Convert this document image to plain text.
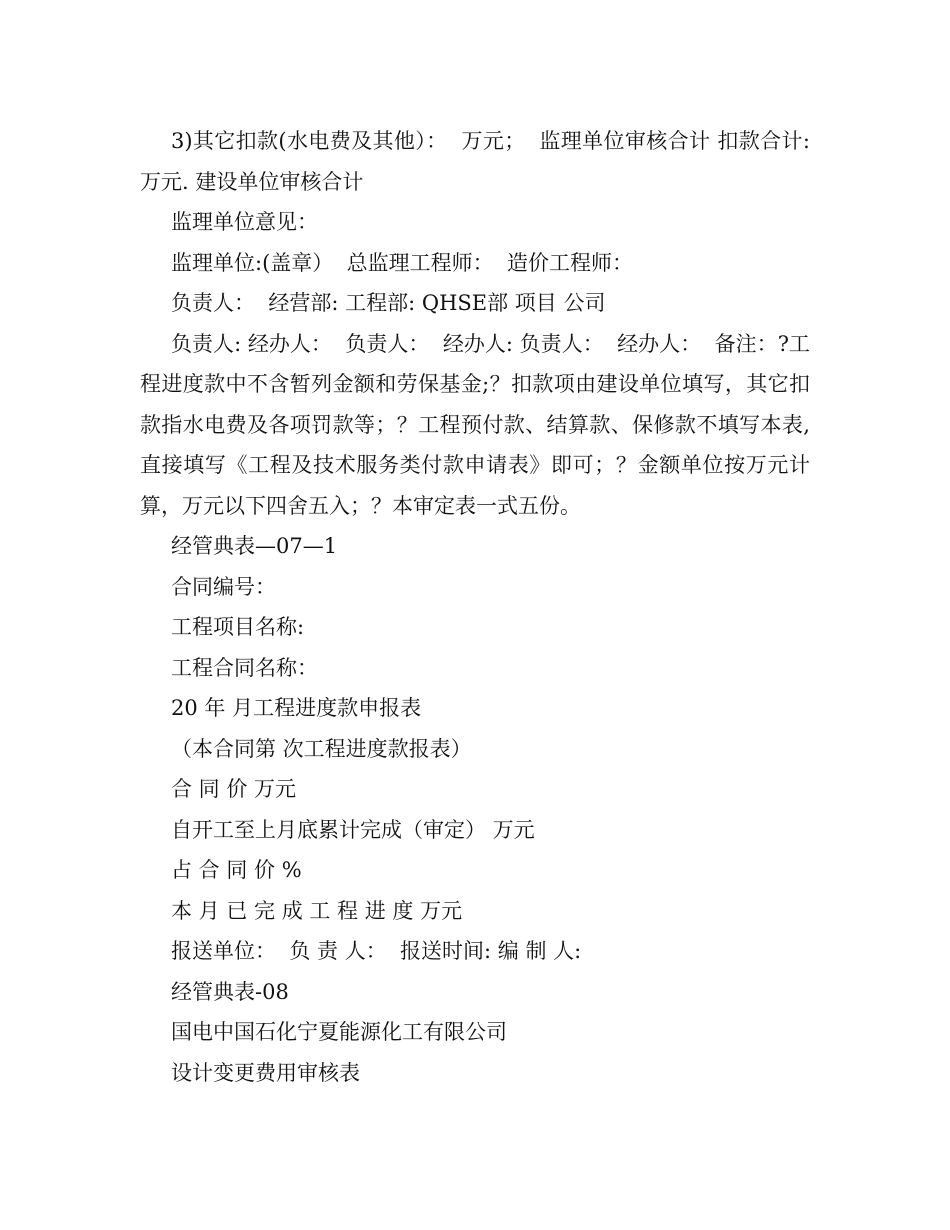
3)其它扣款(水电费及其他）：  万元；  监理单位审核合计 扣款合计: 万元. 建设单位审核合计

监理单位意见：

监理单位:(盖章）  总监理工程师：  造价工程师：

负责人：  经营部: 工程部: QHSE部 项目 公司

负责人: 经办人：  负责人：  经办人: 负责人：  经办人：  备注：?工程进度款中不含暂列金额和劳保基金;？扣款项由建设单位填写，其它扣款指水电费及各项罚款等；？工程预付款、结算款、保修款不填写本表,直接填写《工程及技术服务类付款申请表》即可；？金额单位按万元计算，万元以下四舍五入；？本审定表一式五份。

经管典表—07—1

合同编号：

工程项目名称:

工程合同名称：

20 年 月工程进度款申报表

（本合同第 次工程进度款报表）

合 同 价 万元

自开工至上月底累计完成（审定） 万元

占 合 同 价 %

本 月 已 完 成 工 程 进 度 万元

报送单位：  负 责 人：  报送时间: 编 制 人:

经管典表-08

国电中国石化宁夏能源化工有限公司

设计变更费用审核表
